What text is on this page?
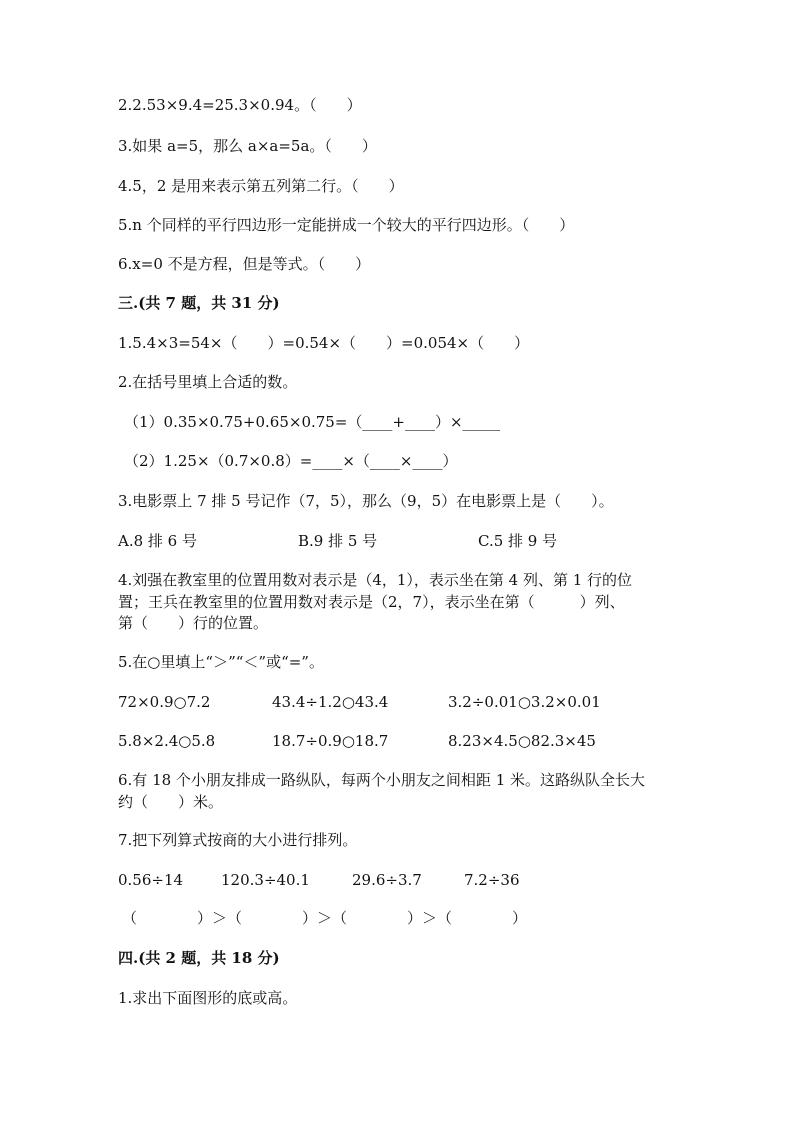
2.2.53×9.4=25.3×0.94。（　　）
3.如果 a=5，那么 a×a=5a。（　　）
4.5，2 是用来表示第五列第二行。（　　）
5.n 个同样的平行四边形一定能拼成一个较大的平行四边形。（　　）
6.x=0 不是方程，但是等式。（　　）
三.(共 7 题，共 31 分)
1.5.4×3=54×（　　）=0.54×（　　）=0.054×（　　）
2.在括号里填上合适的数。
（1）0.35×0.75+0.65×0.75=（____+____）×_____
（2）1.25×（0.7×0.8）=____×（____×____）
3.电影票上 7 排 5 号记作（7，5），那么（9，5）在电影票上是（　　）。
A.8 排 6 号	B.9 排 5 号	C.5 排 9 号
4.刘强在教室里的位置用数对表示是（4，1），表示坐在第 4 列、第 1 行的位
置；王兵在教室里的位置用数对表示是（2，7），表示坐在第（　　　）列、
第（　　）行的位置。
5.在○里填上“＞”“＜”或“=”。
72×0.9○7.2	43.4÷1.2○43.4	3.2÷0.01○3.2×0.01
5.8×2.4○5.8	18.7÷0.9○18.7	8.23×4.5○82.3×45
6.有 18 个小朋友排成一路纵队，每两个小朋友之间相距 1 米。这路纵队全长大
约（　　）米。
7.把下列算式按商的大小进行排列。
0.56÷14	120.3÷40.1	29.6÷3.7	7.2÷36
（　　　　）＞（　　　　）＞（　　　　）＞（　　　　）
四.(共 2 题，共 18 分)
1.求出下面图形的底或高。
